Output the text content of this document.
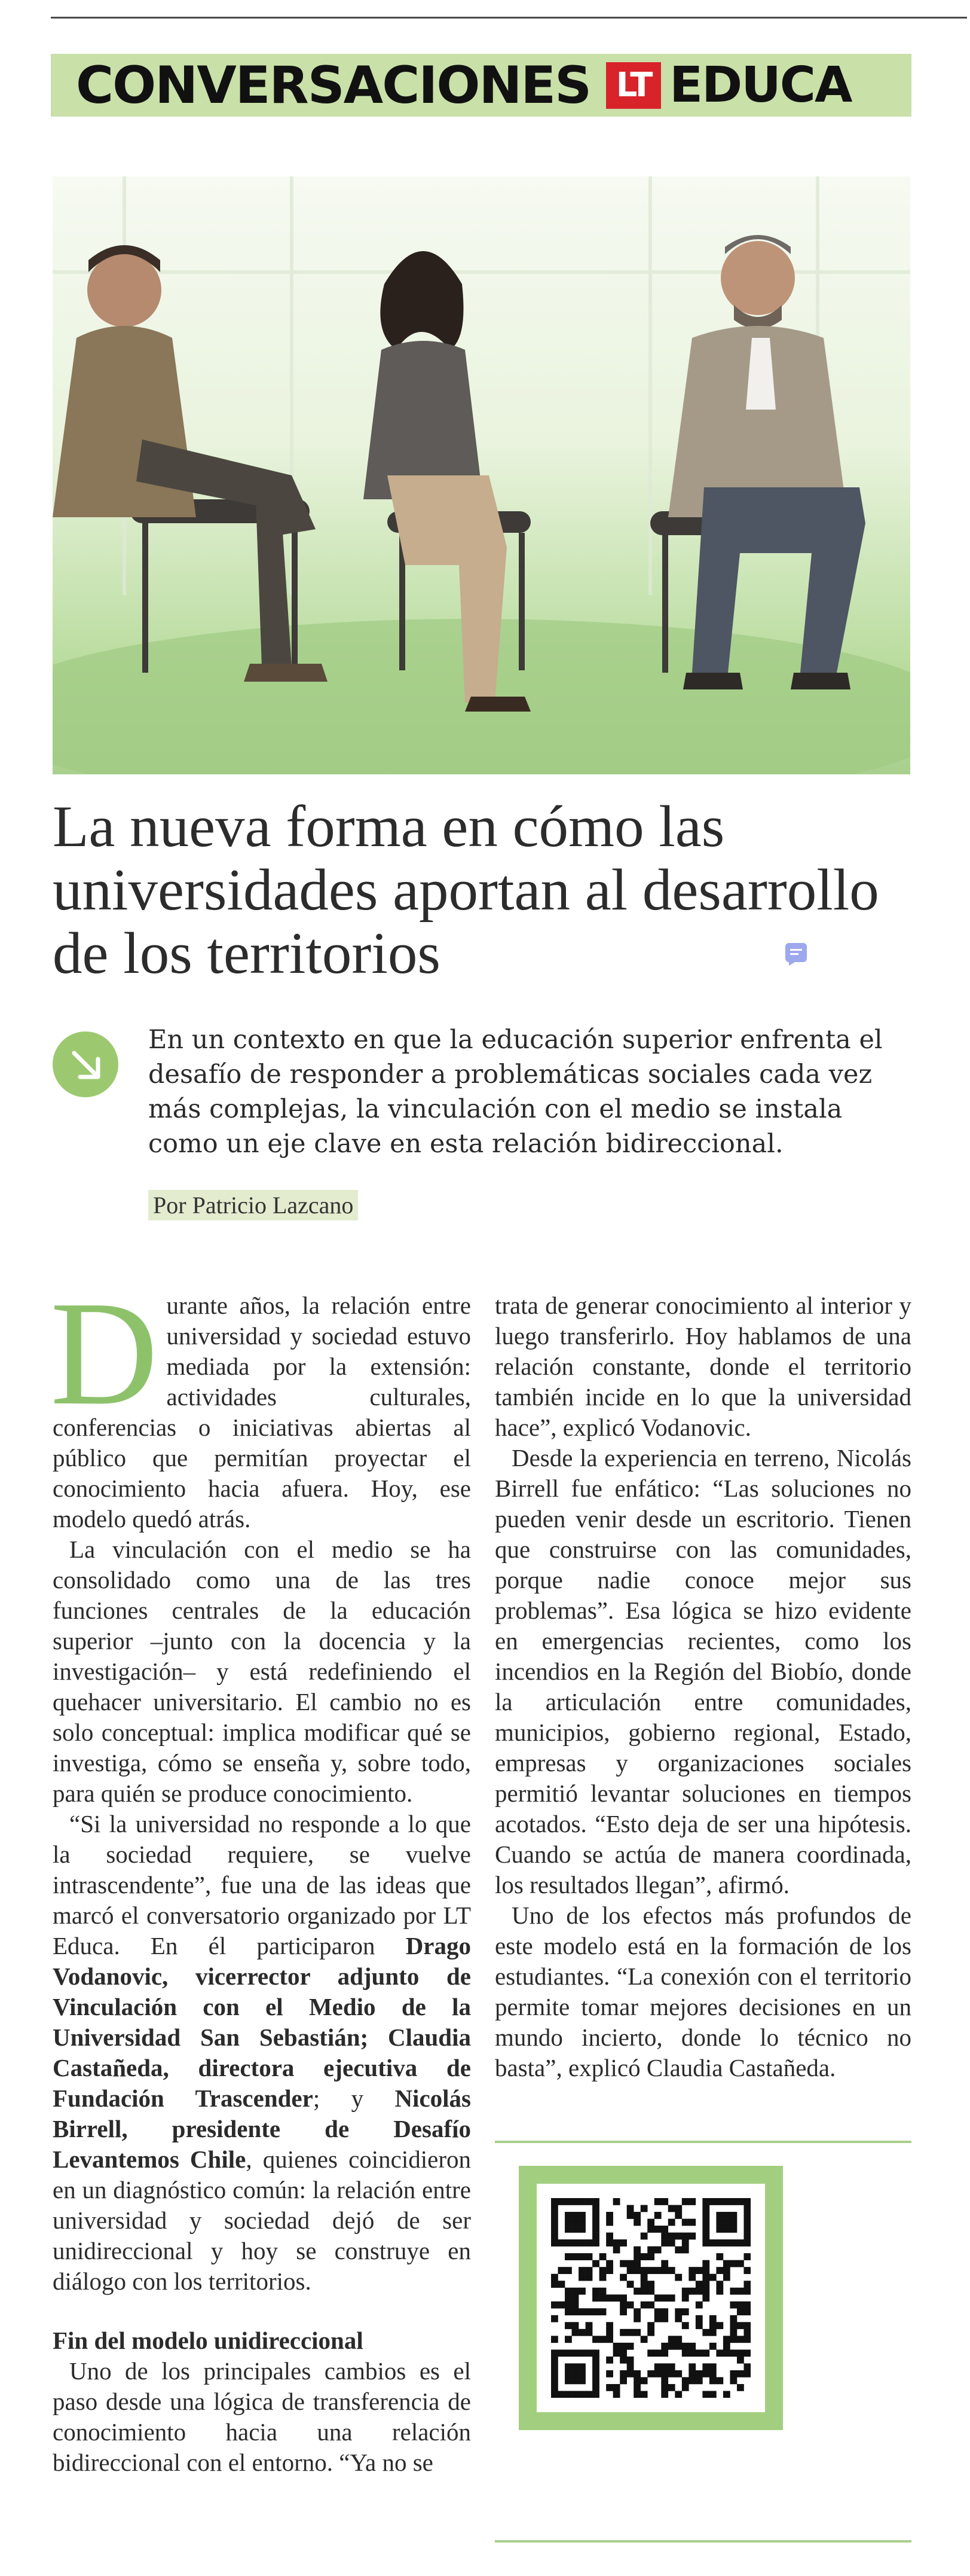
CONVERSACIONES LT EDUCA
La nueva forma en cómo las universidades aportan al desarrollo de los territorios

En un contexto en que la educación superior enfrenta el desafío de responder a problemáticas sociales cada vez más complejas, la vinculación con el medio se instala como un eje clave en esta relación bidireccional.

Por Patricio Lazcano

Durante años, la relación entre universidad y sociedad estuvo mediada por la extensión: actividades culturales, conferencias o iniciativas abiertas al público que permitían proyectar el conocimiento hacia afuera. Hoy, ese modelo quedó atrás.

La vinculación con el medio se ha consolidado como una de las tres funciones centrales de la educación superior –junto con la docencia y la investigación– y está redefiniendo el quehacer universitario. El cambio no es solo conceptual: implica modificar qué se investiga, cómo se enseña y, sobre todo, para quién se produce conocimiento.

“Si la universidad no responde a lo que la sociedad requiere, se vuelve intrascendente”, fue una de las ideas que marcó el conversatorio organizado por LT Educa. En él participaron Drago Vodanovic, vicerrector adjunto de Vinculación con el Medio de la Universidad San Sebastián; Claudia Castañeda, directora ejecutiva de Fundación Trascender; y Nicolás Birrell, presidente de Desafío Levantemos Chile, quienes coincidieron en un diagnóstico común: la relación entre universidad y sociedad dejó de ser unidireccional y hoy se construye en diálogo con los territorios.

Fin del modelo unidireccional

Uno de los principales cambios es el paso desde una lógica de transferencia de conocimiento hacia una relación bidireccional con el entorno. “Ya no se

trata de generar conocimiento al interior y luego transferirlo. Hoy hablamos de una relación constante, donde el territorio también incide en lo que la universidad hace”, explicó Vodanovic.

Desde la experiencia en terreno, Nicolás Birrell fue enfático: “Las soluciones no pueden venir desde un escritorio. Tienen que construirse con las comunidades, porque nadie conoce mejor sus problemas”. Esa lógica se hizo evidente en emergencias recientes, como los incendios en la Región del Biobío, donde la articulación entre comunidades, municipios, gobierno regional, Estado, empresas y organizaciones sociales permitió levantar soluciones en tiempos acotados. “Esto deja de ser una hipótesis. Cuando se actúa de manera coordinada, los resultados llegan”, afirmó.

Uno de los efectos más profundos de este modelo está en la formación de los estudiantes. “La conexión con el territorio permite tomar mejores decisiones en un mundo incierto, donde lo técnico no basta”, explicó Claudia Castañeda.
